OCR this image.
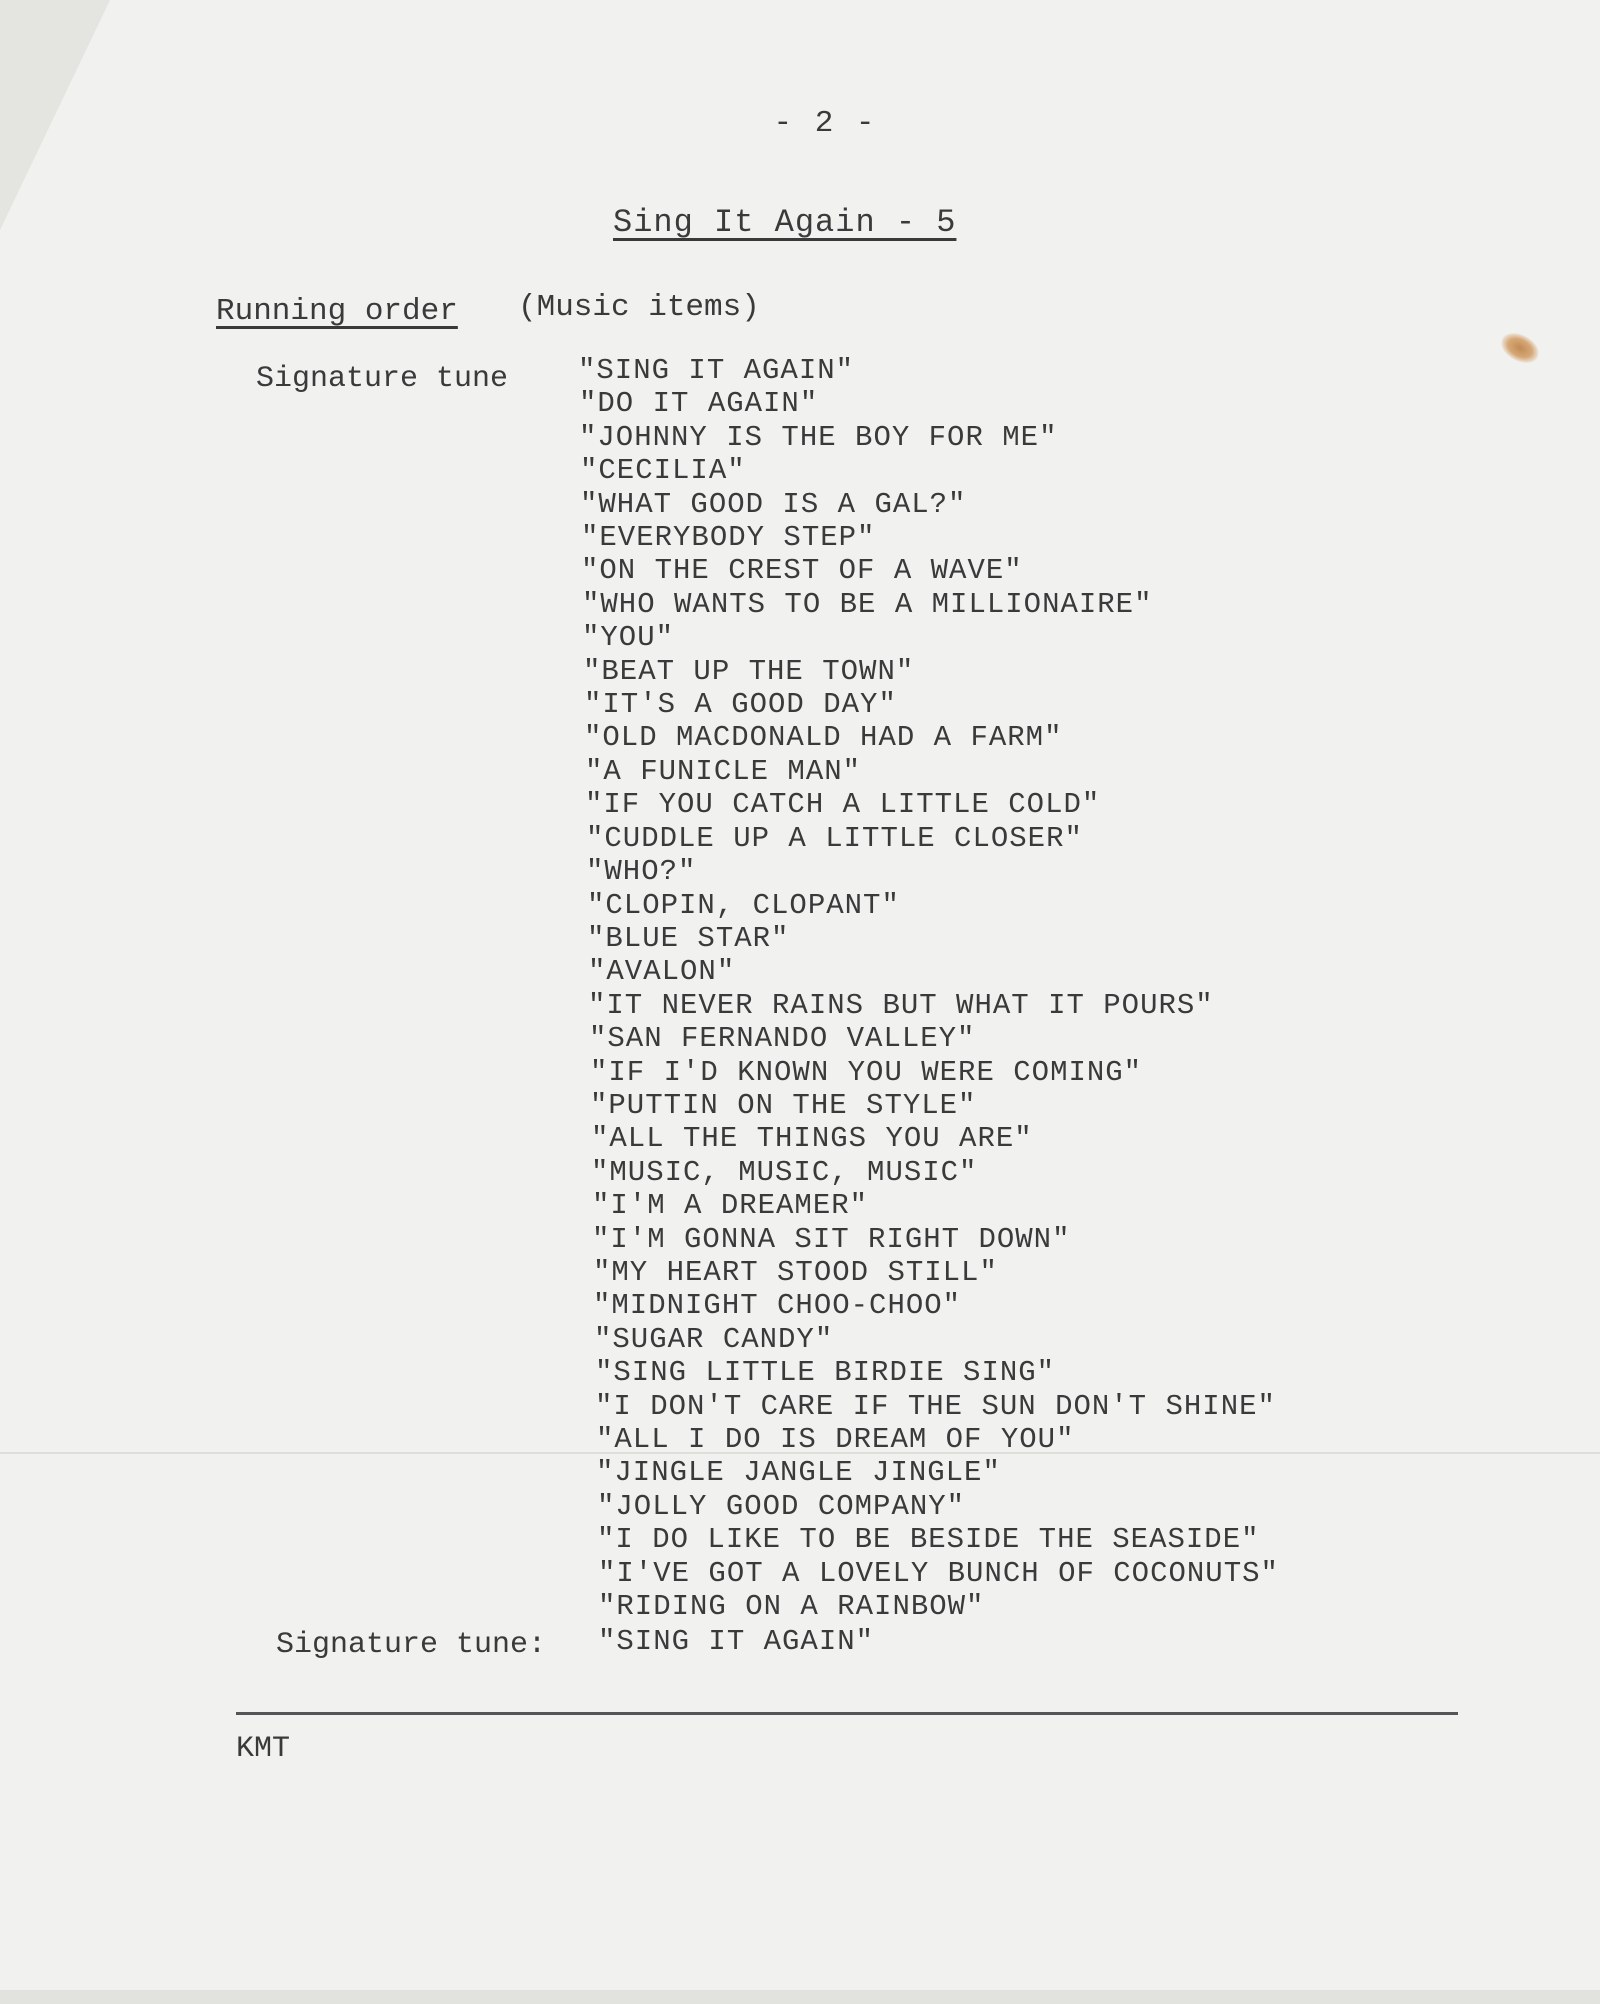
- 2 -
Sing It Again - 5
Running order (Music items)
Signature tune "SING IT AGAIN"
"DO IT AGAIN"
"JOHNNY IS THE BOY FOR ME"
"CECILIA"
"WHAT GOOD IS A GAL?"
"EVERYBODY STEP"
"ON THE CREST OF A WAVE"
"WHO WANTS TO BE A MILLIONAIRE"
"YOU"
"BEAT UP THE TOWN"
"IT'S A GOOD DAY"
"OLD MACDONALD HAD A FARM"
"A FUNICLE MAN"
"IF YOU CATCH A LITTLE COLD"
"CUDDLE UP A LITTLE CLOSER"
"WHO?"
"CLOPIN, CLOPANT"
"BLUE STAR"
"AVALON"
"IT NEVER RAINS BUT WHAT IT POURS"
"SAN FERNANDO VALLEY"
"IF I'D KNOWN YOU WERE COMING"
"PUTTIN ON THE STYLE"
"ALL THE THINGS YOU ARE"
"MUSIC, MUSIC, MUSIC"
"I'M A DREAMER"
"I'M GONNA SIT RIGHT DOWN"
"MY HEART STOOD STILL"
"MIDNIGHT CHOO-CHOO"
"SUGAR CANDY"
"SING LITTLE BIRDIE SING"
"I DON'T CARE IF THE SUN DON'T SHINE"
"ALL I DO IS DREAM OF YOU"
"JINGLE JANGLE JINGLE"
"JOLLY GOOD COMPANY"
"I DO LIKE TO BE BESIDE THE SEASIDE"
"I'VE GOT A LOVELY BUNCH OF COCONUTS"
"RIDING ON A RAINBOW"
Signature tune: "SING IT AGAIN"
KMT
